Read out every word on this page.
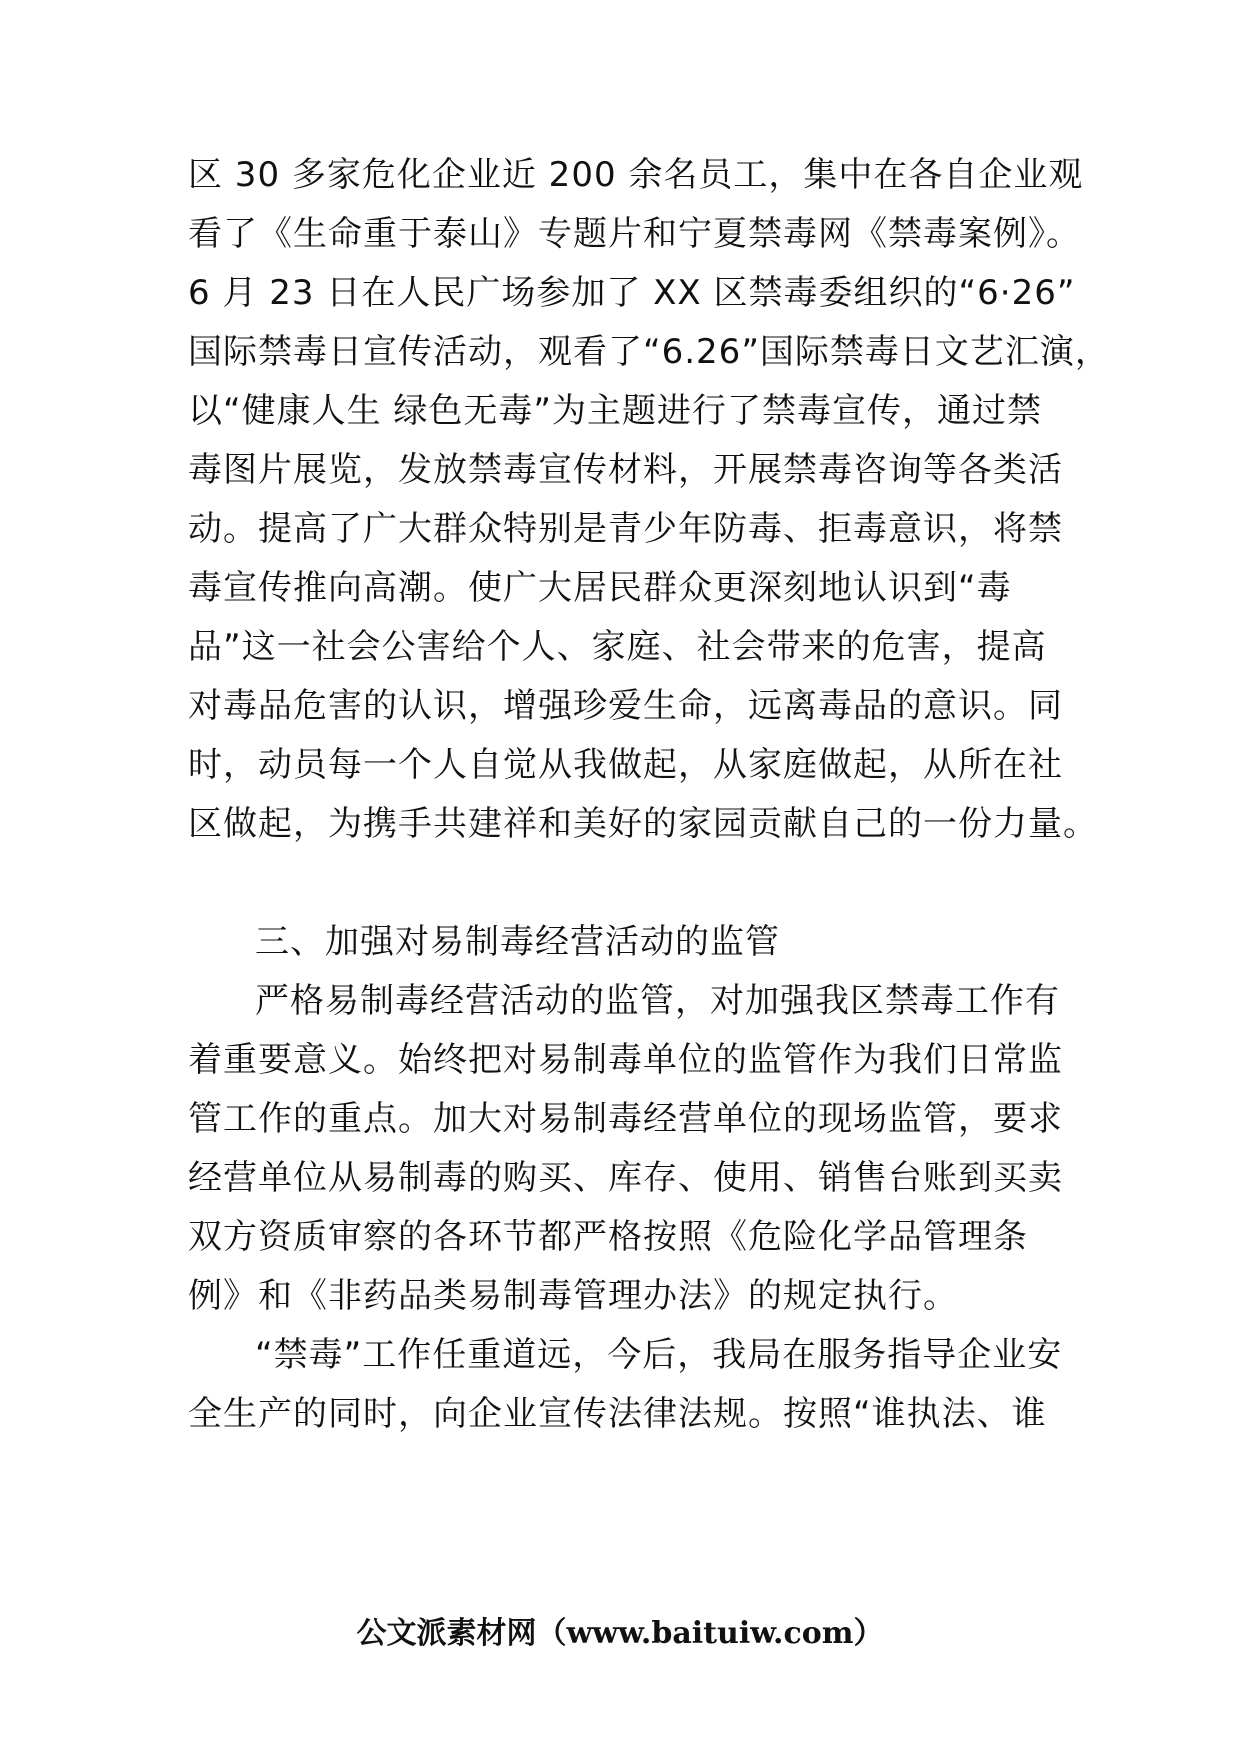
区 30 多家危化企业近 200 余名员工，集中在各自企业观
看了《生命重于泰山》专题片和宁夏禁毒网《禁毒案例》。
6 月 23 日在人民广场参加了 XX 区禁毒委组织的“6·26”
国际禁毒日宣传活动，观看了“6.26”国际禁毒日文艺汇演，
以“健康人生 绿色无毒”为主题进行了禁毒宣传，通过禁
毒图片展览，发放禁毒宣传材料，开展禁毒咨询等各类活
动。提高了广大群众特别是青少年防毒、拒毒意识，将禁
毒宣传推向高潮。使广大居民群众更深刻地认识到“毒
品”这一社会公害给个人、家庭、社会带来的危害，提高
对毒品危害的认识，增强珍爱生命，远离毒品的意识。同
时，动员每一个人自觉从我做起，从家庭做起，从所在社
区做起，为携手共建祥和美好的家园贡献自己的一份力量。
三、加强对易制毒经营活动的监管
严格易制毒经营活动的监管，对加强我区禁毒工作有
着重要意义。始终把对易制毒单位的监管作为我们日常监
管工作的重点。加大对易制毒经营单位的现场监管，要求
经营单位从易制毒的购买、库存、使用、销售台账到买卖
双方资质审察的各环节都严格按照《危险化学品管理条
例》和《非药品类易制毒管理办法》的规定执行。
“禁毒”工作任重道远，今后，我局在服务指导企业安
全生产的同时，向企业宣传法律法规。按照“谁执法、谁
公文派素材网（www.baituiw.com）
